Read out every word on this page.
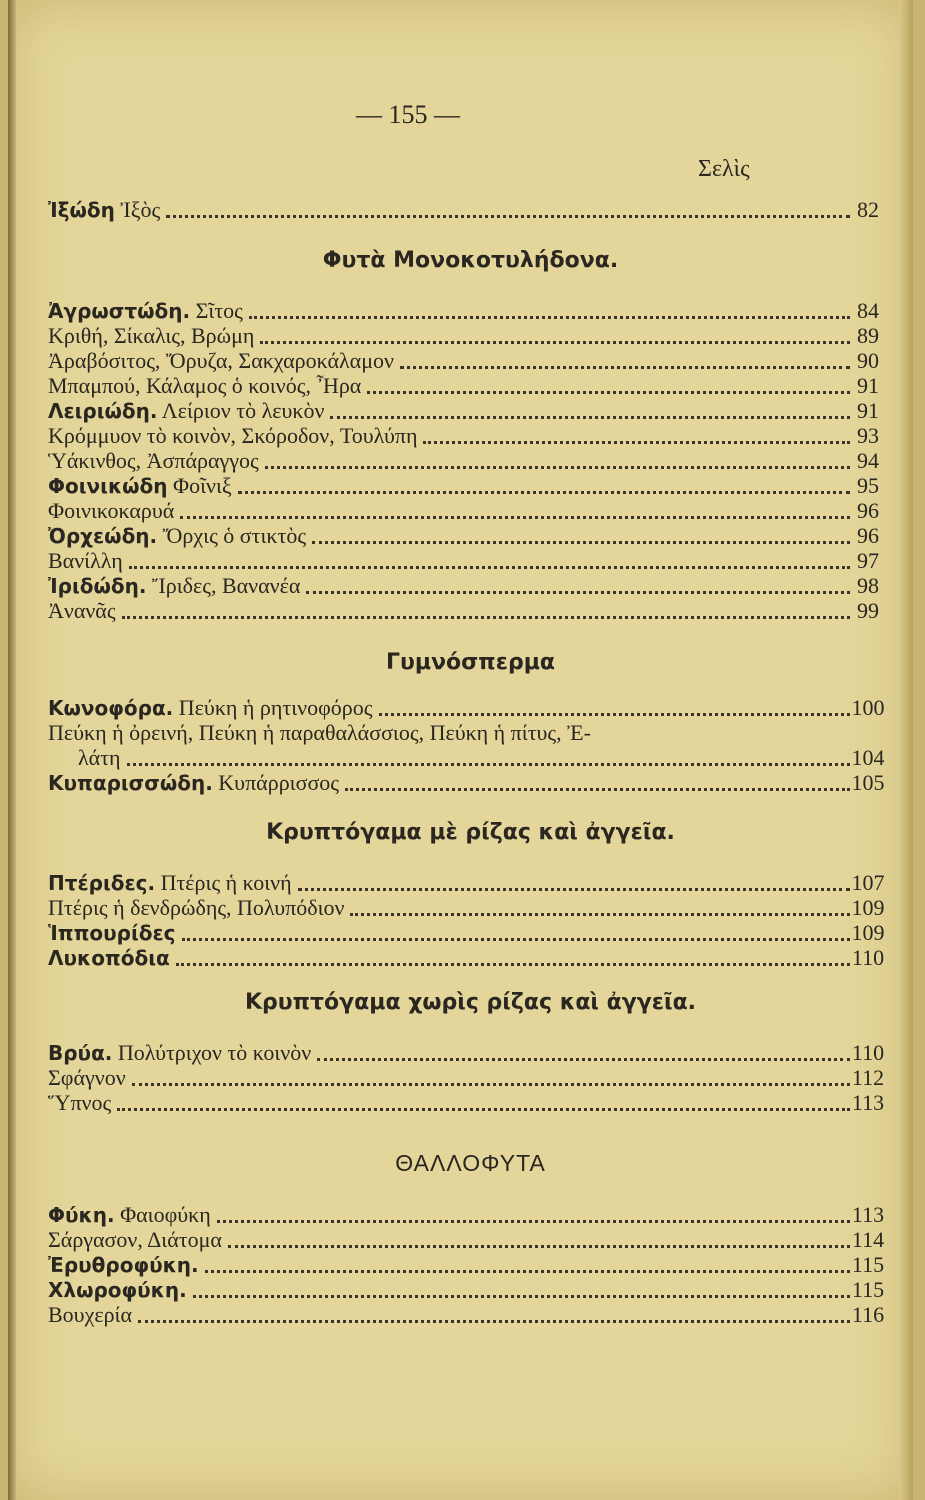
— 155 —
Σελὶς
Ἰξώδη Ἰξὸς	82
Φυτὰ Μονοκοτυλήδονα.
Ἀγρωστώδη. Σῖτος	84
Κριθή, Σίκαλις, Βρώμη	89
Ἀραβόσιτος, Ὄρυζα, Σακχαροκάλαμον	90
Μπαμπού, Κάλαμος ὁ κοινός, Ἦρα	91
Λειριώδη. Λείριον τὸ λευκὸν	91
Κρόμμυον τὸ κοινὸν, Σκόροδον, Τουλύπη	93
Ὑάκινθος, Ἀσπάραγγος	94
Φοινικώδη Φοῖνιξ	95
Φοινικοκαρυά	96
Ὀρχεώδη. Ὄρχις ὁ στικτὸς	96
Βανίλλη	97
Ἰριδώδη. Ἴριδες, Βανανέα	98
Ἀνανᾶς	99
Γυμνόσπερμα
Κωνοφόρα. Πεύκη ἡ ρητινοφόρος	100
Πεύκη ἡ ὀρεινή, Πεύκη ἡ παραθαλάσσιος, Πεύκη ἡ πίτυς, Ἐ-
λάτη	104
Κυπαρισσώδη. Κυπάρρισσος	105
Κρυπτόγαμα μὲ ρίζας καὶ ἀγγεῖα.
Πτέριδες. Πτέρις ἡ κοινή	107
Πτέρις ἡ δενδρώδης, Πολυπόδιον	109
Ἱππουρίδες	109
Λυκοπόδια	110
Κρυπτόγαμα χωρὶς ρίζας καὶ ἀγγεῖα.
Βρύα. Πολύτριχον τὸ κοινὸν	110
Σφάγνον	112
Ὕπνος	113
ΘΑΛΛΟΦΥΤΑ
Φύκη. Φαιοφύκη	113
Σάργασον, Διάτομα	114
Ἐρυθροφύκη.	115
Χλωροφύκη.	115
Βουχερία	116
